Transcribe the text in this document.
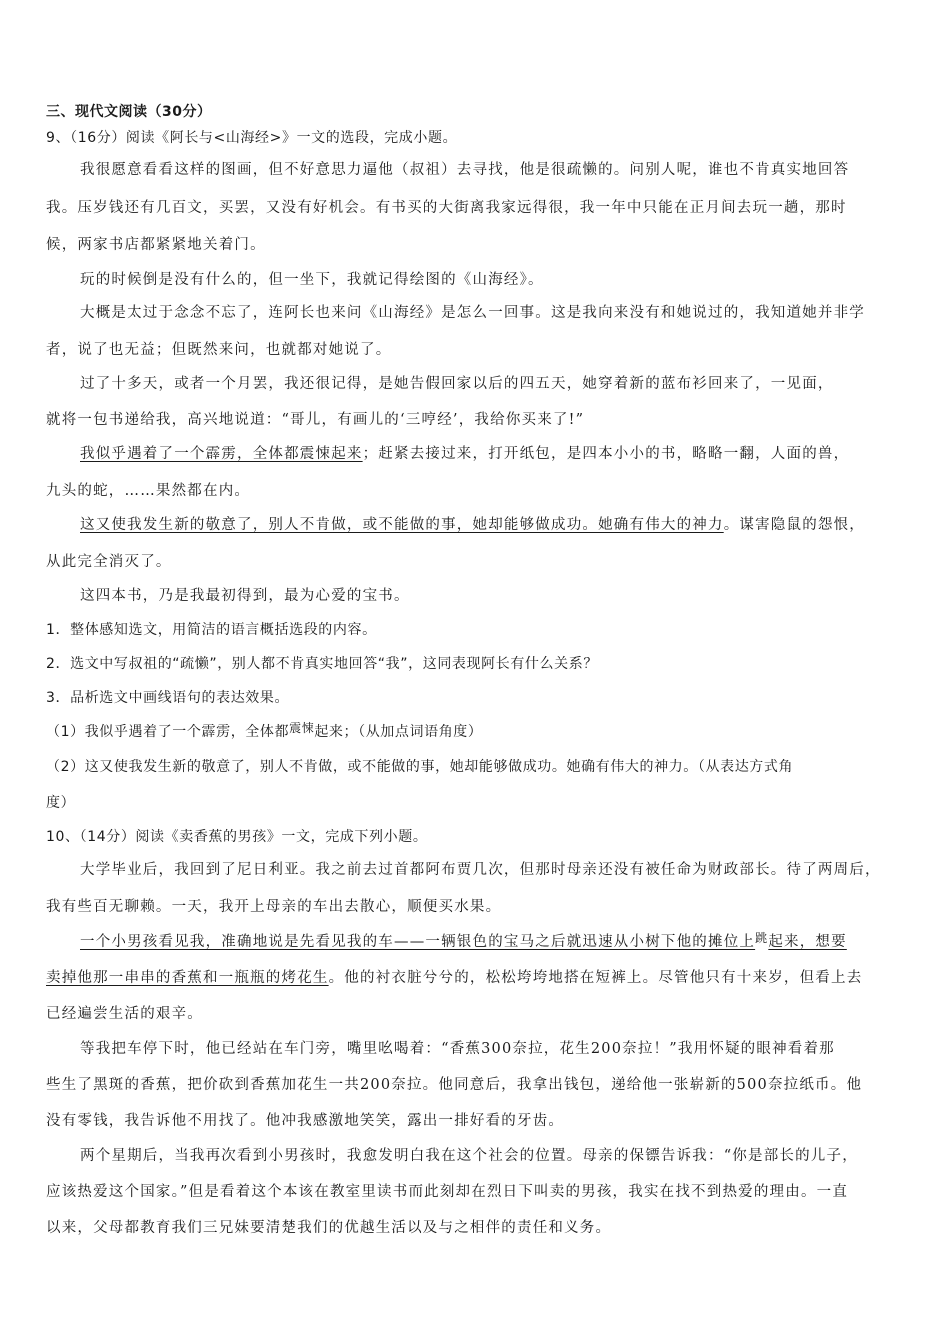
三、现代文阅读（30分）
9、（16分）阅读《阿长与<山海经>》一文的选段，完成小题。
我很愿意看看这样的图画，但不好意思力逼他（叔祖）去寻找，他是很疏懒的。问别人呢，谁也不肯真实地回答
我。压岁钱还有几百文，买罢，又没有好机会。有书买的大街离我家远得很，我一年中只能在正月间去玩一趟，那时
候，两家书店都紧紧地关着门。
玩的时候倒是没有什么的，但一坐下，我就记得绘图的《山海经》。
大概是太过于念念不忘了，连阿长也来问《山海经》是怎么一回事。这是我向来没有和她说过的，我知道她并非学
者，说了也无益；但既然来问，也就都对她说了。
过了十多天，或者一个月罢，我还很记得，是她告假回家以后的四五天，她穿着新的蓝布衫回来了，一见面，
就将一包书递给我，高兴地说道：“哥儿，有画儿的‘三哼经’，我给你买来了!”
我似乎遇着了一个霹雳，全体都震悚起来；赶紧去接过来，打开纸包，是四本小小的书，略略一翻，人面的兽，
九头的蛇，……果然都在内。
这又使我发生新的敬意了，别人不肯做，或不能做的事，她却能够做成功。她确有伟大的神力。谋害隐鼠的怨恨，
从此完全消灭了。
这四本书，乃是我最初得到，最为心爱的宝书。
1．整体感知选文，用简洁的语言概括选段的内容。
2．选文中写叔祖的“疏懒”，别人都不肯真实地回答“我”，这同表现阿长有什么关系？
3．品析选文中画线语句的表达效果。
（1）我似乎遇着了一个霹雳，全体都震悚起来；（从加点词语角度）
（2）这又使我发生新的敬意了，别人不肯做，或不能做的事，她却能够做成功。她确有伟大的神力。（从表达方式角
度）
10、（14分）阅读《卖香蕉的男孩》一文，完成下列小题。
大学毕业后，我回到了尼日利亚。我之前去过首都阿布贾几次，但那时母亲还没有被任命为财政部长。待了两周后，
我有些百无聊赖。一天，我开上母亲的车出去散心，顺便买水果。
一个小男孩看见我，准确地说是先看见我的车——一辆银色的宝马之后就迅速从小树下他的摊位上$^跳$起来，想要
卖掉他那一串串的香蕉和一瓶瓶的烤花生。他的衬衣脏兮兮的，松松垮垮地搭在短裤上。尽管他只有十来岁，但看上去
已经遍尝生活的艰辛。
等我把车停下时，他已经站在车门旁，嘴里吆喝着：“香蕉300奈拉，花生200奈拉！”我用怀疑的眼神看着那
些生了黑斑的香蕉，把价砍到香蕉加花生一共200奈拉。他同意后，我拿出钱包，递给他一张崭新的500奈拉纸币。他
没有零钱，我告诉他不用找了。他冲我感激地笑笑，露出一排好看的牙齿。
两个星期后，当我再次看到小男孩时，我愈发明白我在这个社会的位置。母亲的保镖告诉我：“你是部长的儿子，
应该热爱这个国家。”但是看着这个本该在教室里读书而此刻却在烈日下叫卖的男孩，我实在找不到热爱的理由。一直
以来，父母都教育我们三兄妹要清楚我们的优越生活以及与之相伴的责任和义务。
